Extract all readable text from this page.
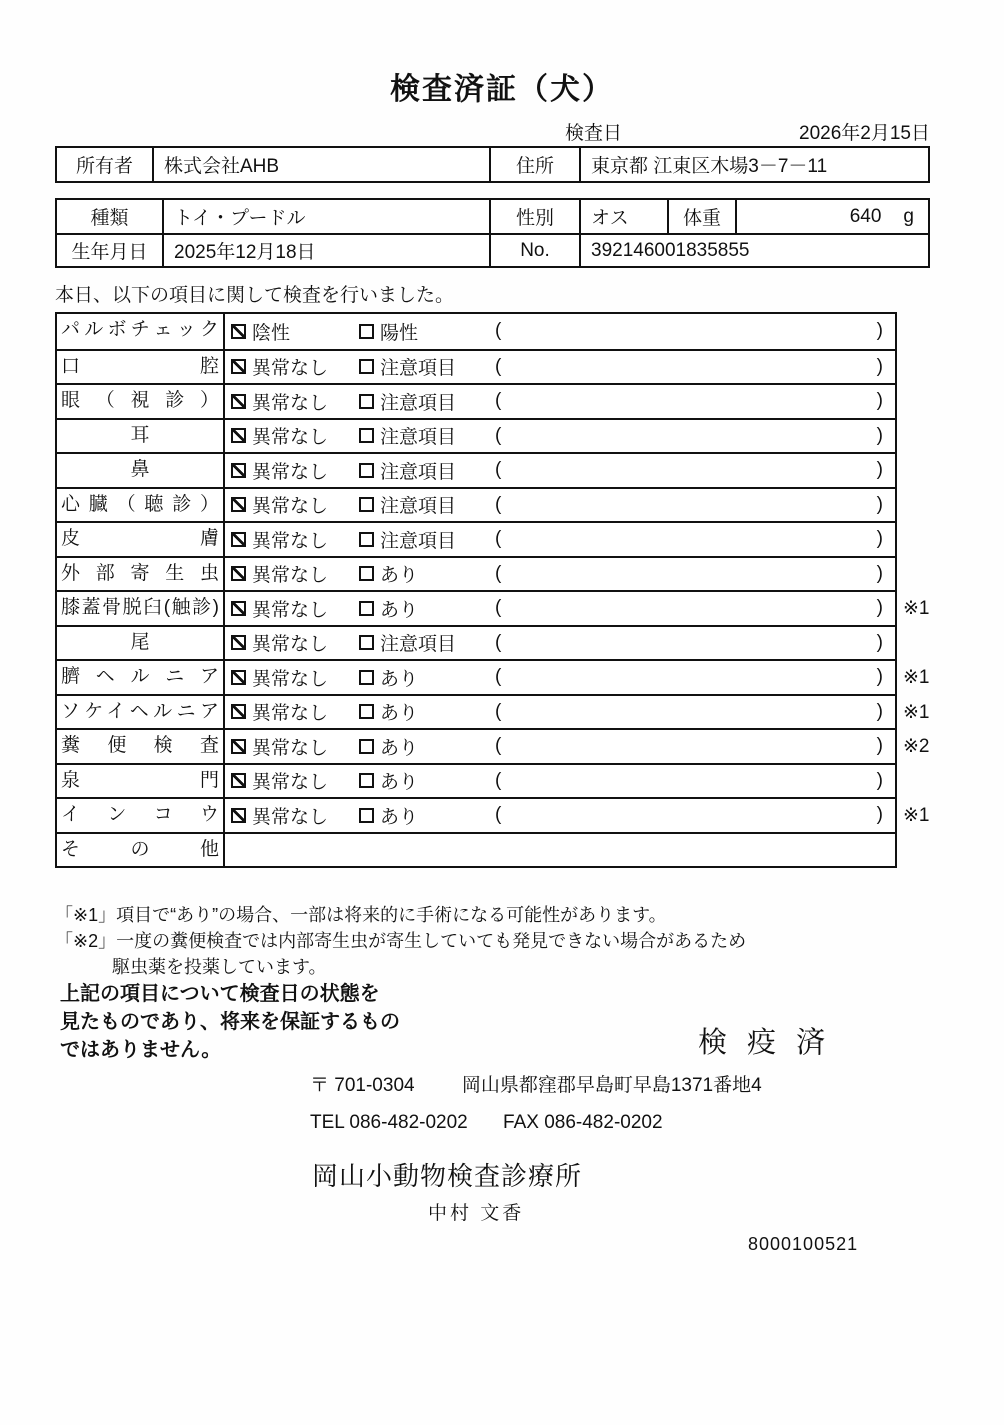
検査済証（犬）
検査日	2026年2月15日
所有者	株式会社AHB	住所	東京都 江東区木場3－7－11
種類	トイ・プードル	性別	オス	体重	640 g
生年月日	2025年12月18日	No.	392146001835855
本日、以下の項目に関して検査を行いました。
パルボチェック	陰性	陽性	(	)
口 腔	異常なし	注意項目 (	)
眼 （ 視 診 ）	異常なし	注意項目 (	)
耳	異常なし	注意項目 (	)
鼻	異常なし	注意項目 (	)
心 臓 （ 聴 診 ）	異常なし	注意項目 (	)
皮 膚	異常なし	注意項目 (	)
外 部 寄 生 虫	異常なし	あり	(	)
膝蓋骨脱臼(触診)	異常なし	あり	(	) ※1
尾	異常なし	注意項目 (	)
臍 ヘ ル ニ ア	異常なし	あり	(	) ※1
ソケイヘルニア	異常なし	あり	(	) ※1
糞 便 検 査	異常なし	あり	(	) ※2
泉 門	異常なし	あり	(	)
イ ン コ ウ	異常なし	あり	(	) ※1
そ の 他
「※1」項目で“あり”の場合、一部は将来的に手術になる可能性があります。
「※2」一度の糞便検査では内部寄生虫が寄生していても発見できない場合があるため
駆虫薬を投薬しています。
上記の項目について検査日の状態を
見たものであり、将来を保証するもの
ではありません。	検 疫 済
〒 701-0304 岡山県都窪郡早島町早島1371番地4
TEL 086-482-0202 FAX 086-482-0202
岡山小動物検査診療所
中村 文香
8000100521
